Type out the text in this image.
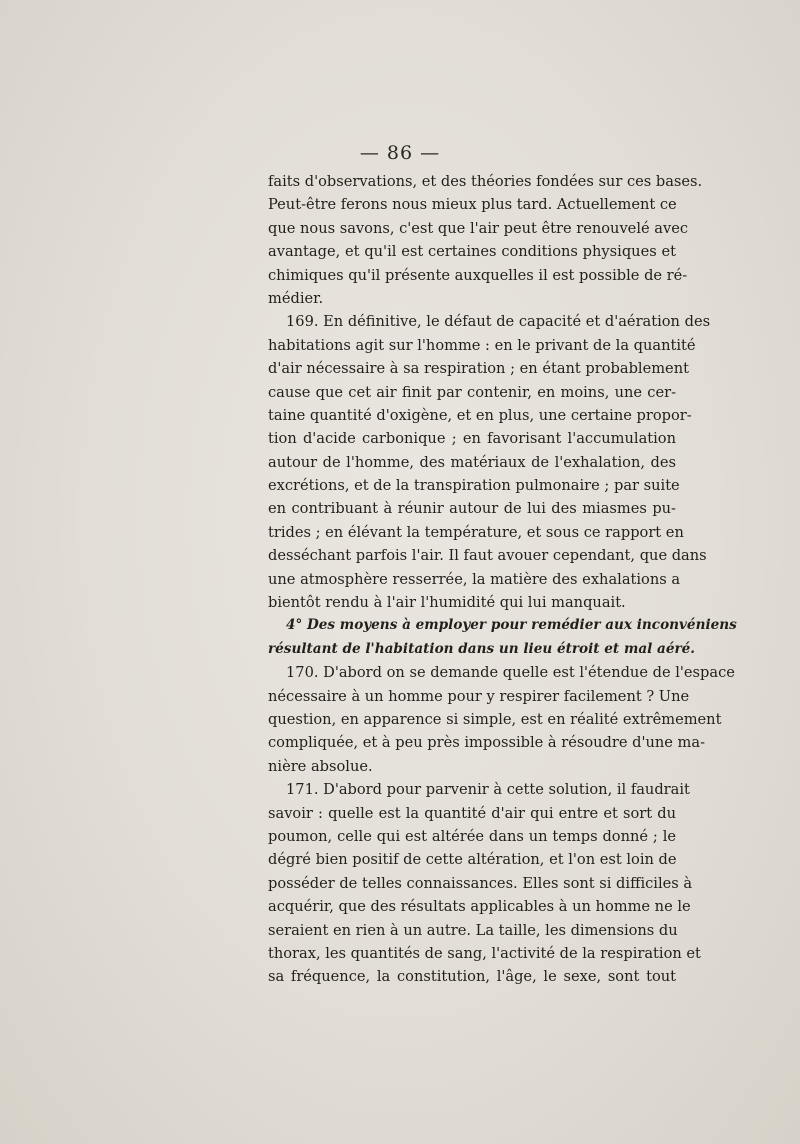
— 86 —
faits d'observations, et des théories fondées sur ces bases.
Peut-être ferons nous mieux plus tard. Actuellement ce
que nous savons, c'est que l'air peut être renouvelé avec
avantage, et qu'il est certaines conditions physiques et
chimiques qu'il présente auxquelles il est possible de ré-
médier.
169. En définitive, le défaut de capacité et d'aération des
habitations agit sur l'homme : en le privant de la quantité
d'air nécessaire à sa respiration ; en étant probablement
cause que cet air finit par contenir, en moins, une cer-
taine quantité d'oxigène, et en plus, une certaine propor-
tion d'acide carbonique ; en favorisant l'accumulation
autour de l'homme, des matériaux de l'exhalation, des
excrétions, et de la transpiration pulmonaire ; par suite
en contribuant à réunir autour de lui des miasmes pu-
trides ; en élévant la température, et sous ce rapport en
desséchant parfois l'air. Il faut avouer cependant, que dans
une atmosphère resserrée, la matière des exhalations a
bientôt rendu à l'air l'humidité qui lui manquait.
4° Des moyens à employer pour remédier aux inconvéniens
résultant de l'habitation dans un lieu étroit et mal aéré.
170. D'abord on se demande quelle est l'étendue de l'espace
nécessaire à un homme pour y respirer facilement ? Une
question, en apparence si simple, est en réalité extrêmement
compliquée, et à peu près impossible à résoudre d'une ma-
nière absolue.
171. D'abord pour parvenir à cette solution, il faudrait
savoir : quelle est la quantité d'air qui entre et sort du
poumon, celle qui est altérée dans un temps donné ; le
dégré bien positif de cette altération, et l'on est loin de
posséder de telles connaissances. Elles sont si difficiles à
acquérir, que des résultats applicables à un homme ne le
seraient en rien à un autre. La taille, les dimensions du
thorax, les quantités de sang, l'activité de la respiration et
sa fréquence, la constitution, l'âge, le sexe, sont tout
